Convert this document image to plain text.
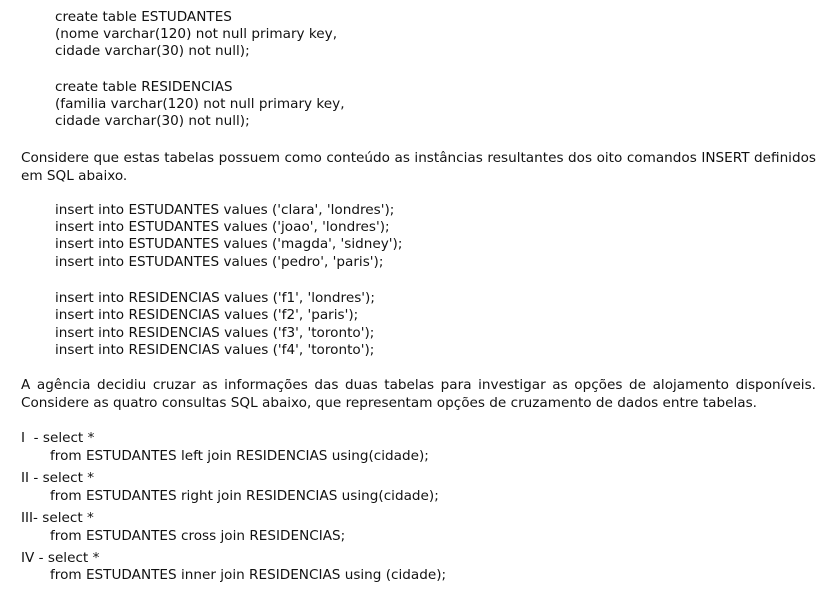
create table ESTUDANTES
(nome varchar(120) not null primary key,
cidade varchar(30) not null);
create table RESIDENCIAS
(familia varchar(120) not null primary key,
cidade varchar(30) not null);
Considere que estas tabelas possuem como conteúdo as instâncias resultantes dos oito comandos INSERT definidos em SQL abaixo.
insert into ESTUDANTES values ('clara', 'londres');
insert into ESTUDANTES values ('joao', 'londres');
insert into ESTUDANTES values ('magda', 'sidney');
insert into ESTUDANTES values ('pedro', 'paris');
insert into RESIDENCIAS values ('f1', 'londres');
insert into RESIDENCIAS values ('f2', 'paris');
insert into RESIDENCIAS values ('f3', 'toronto');
insert into RESIDENCIAS values ('f4', 'toronto');
A agência decidiu cruzar as informações das duas tabelas para investigar as opções de alojamento disponíveis. Considere as quatro consultas SQL abaixo, que representam opções de cruzamento de dados entre tabelas.
I  - select *
from ESTUDANTES left join RESIDENCIAS using(cidade);
II - select *
from ESTUDANTES right join RESIDENCIAS using(cidade);
III- select *
from ESTUDANTES cross join RESIDENCIAS;
IV - select *
from ESTUDANTES inner join RESIDENCIAS using (cidade);
